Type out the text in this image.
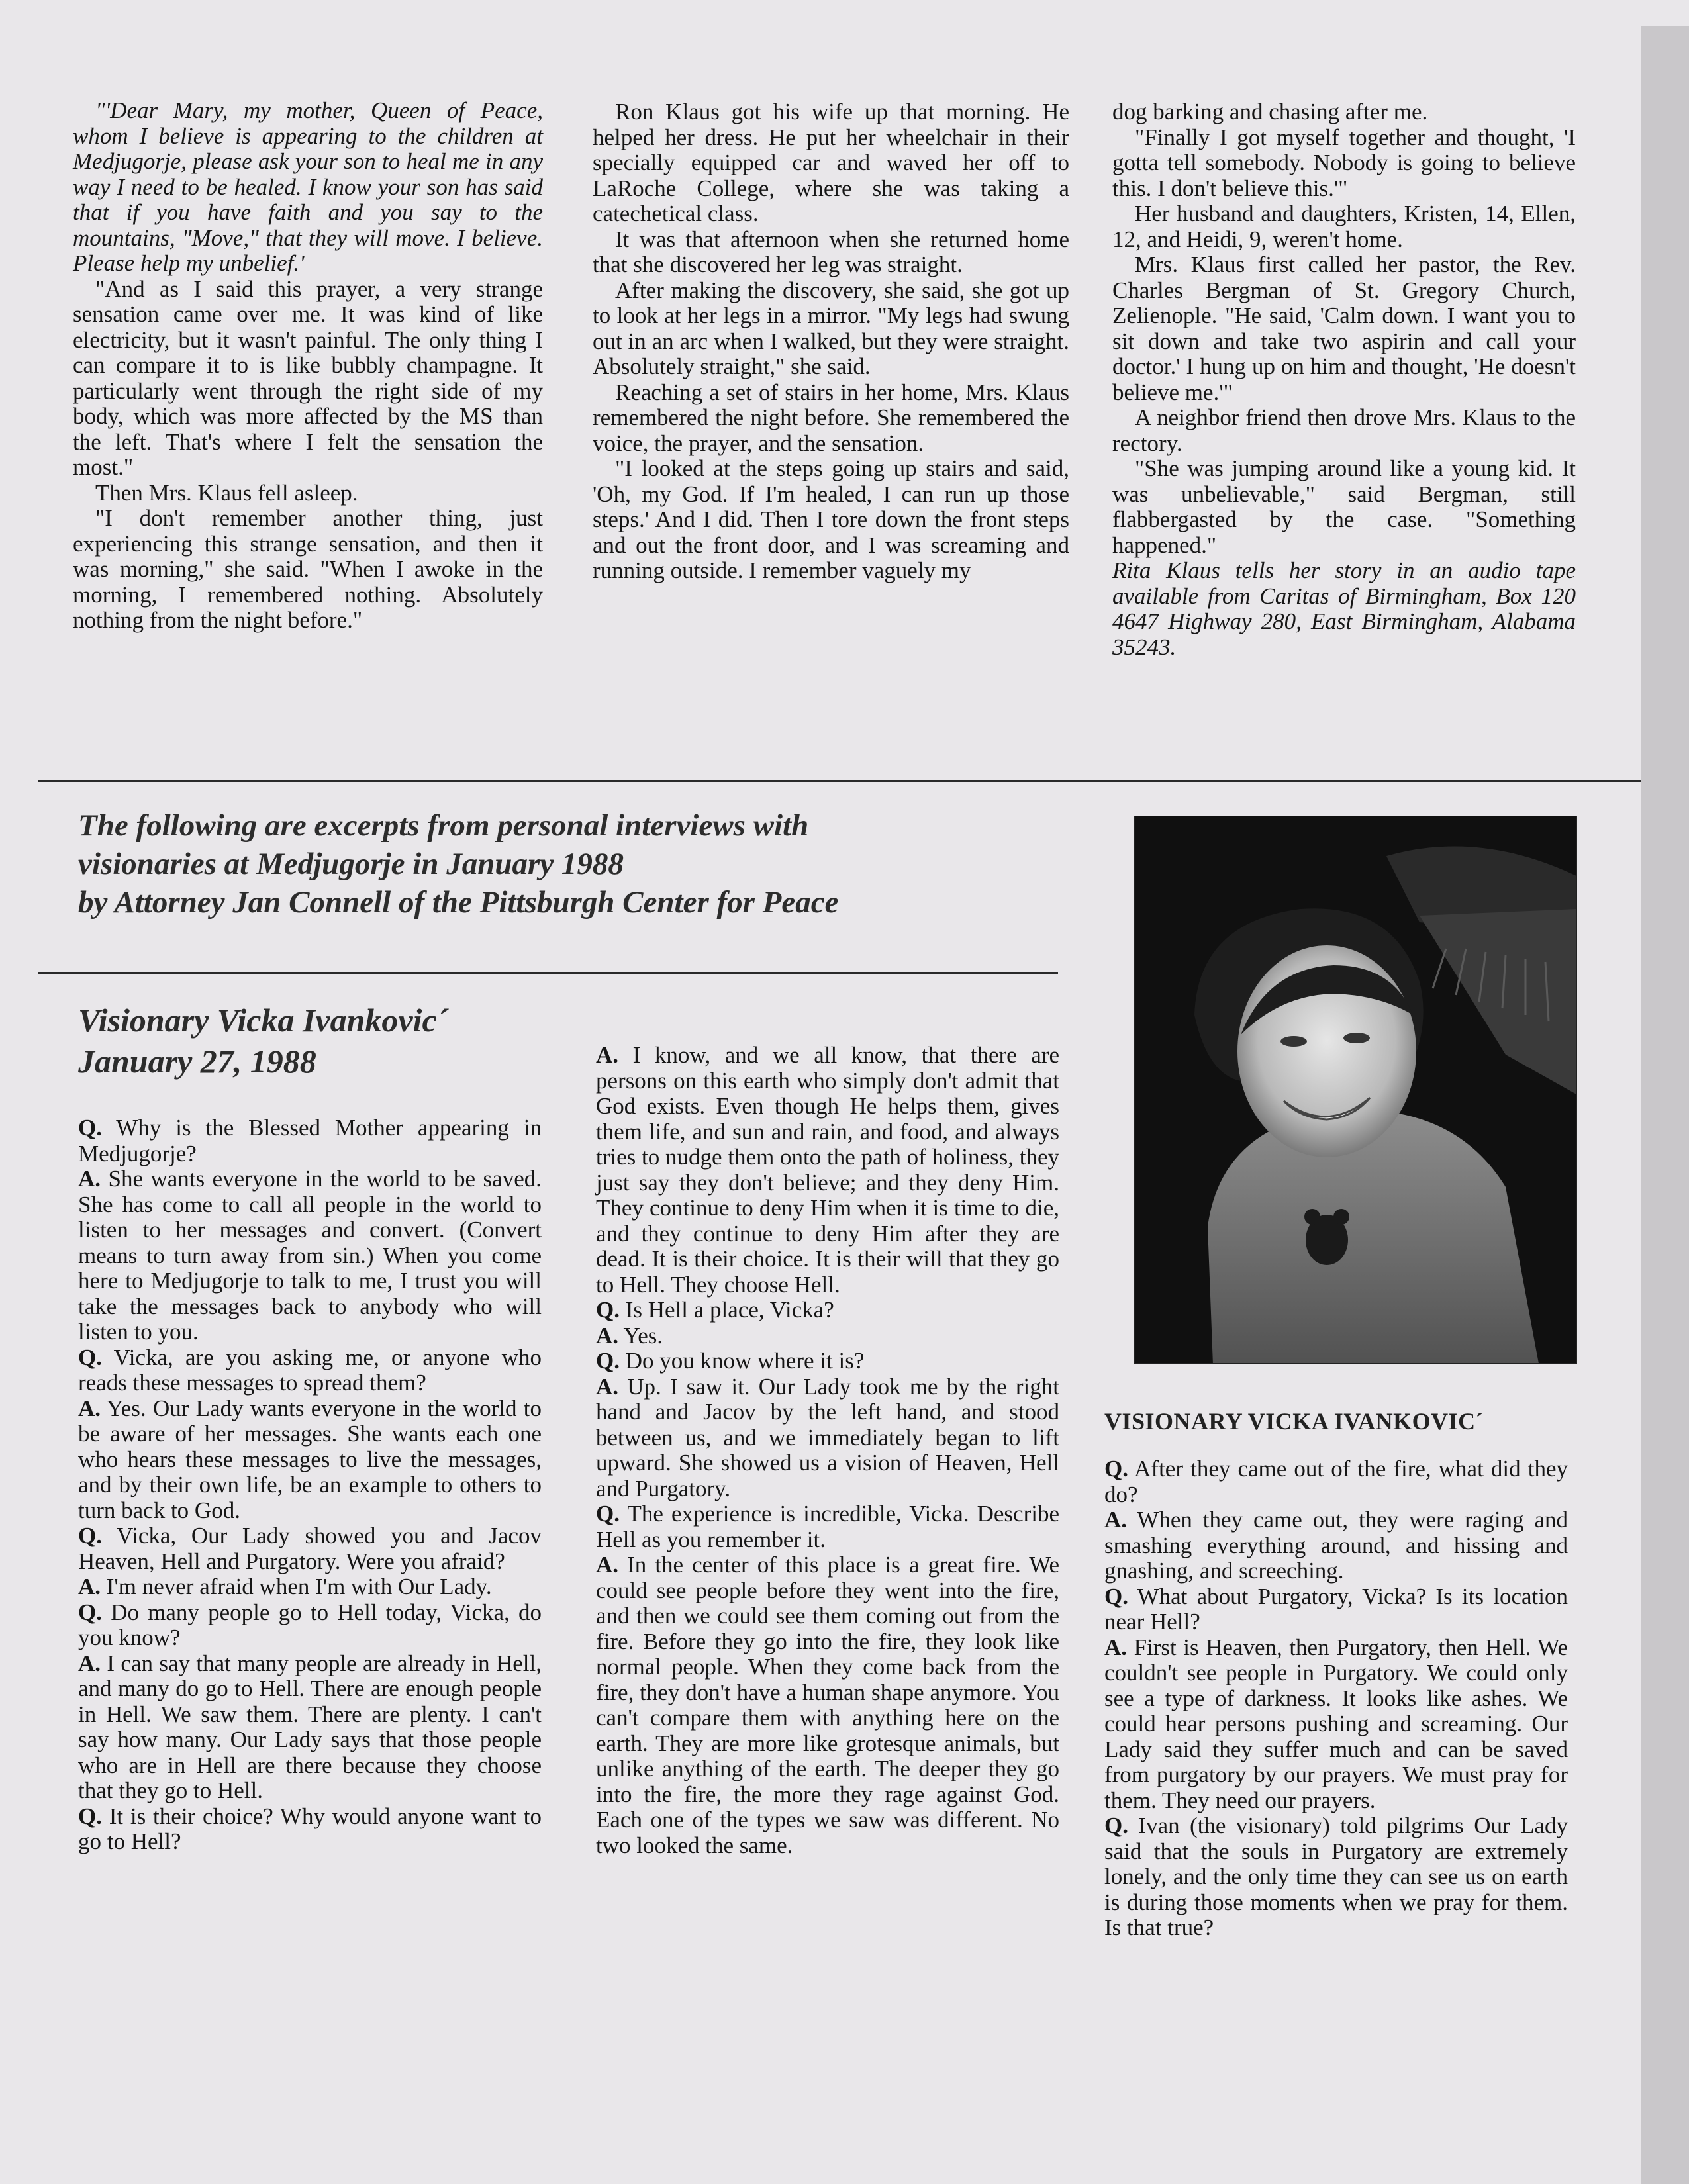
"'Dear Mary, my mother, Queen of Peace, whom I believe is appearing to the children at Medjugorje, please ask your son to heal me in any way I need to be healed. I know your son has said that if you have faith and you say to the mountains, "Move," that they will move. I believe. Please help my unbelief.'

"And as I said this prayer, a very strange sensation came over me. It was kind of like electricity, but it wasn't painful. The only thing I can compare it to is like bubbly champagne. It particularly went through the right side of my body, which was more affected by the MS than the left. That's where I felt the sensation the most."

Then Mrs. Klaus fell asleep.

"I don't remember another thing, just experiencing this strange sensation, and then it was morning," she said. "When I awoke in the morning, I remembered nothing. Absolutely nothing from the night before."

Ron Klaus got his wife up that morning. He helped her dress. He put her wheelchair in their specially equipped car and waved her off to LaRoche College, where she was taking a catechetical class.

It was that afternoon when she returned home that she discovered her leg was straight.

After making the discovery, she said, she got up to look at her legs in a mirror. "My legs had swung out in an arc when I walked, but they were straight. Absolutely straight," she said.

Reaching a set of stairs in her home, Mrs. Klaus remembered the night before. She remembered the voice, the prayer, and the sensation.

"I looked at the steps going up stairs and said, 'Oh, my God. If I'm healed, I can run up those steps.' And I did. Then I tore down the front steps and out the front door, and I was screaming and running outside. I remember vaguely my

dog barking and chasing after me.

"Finally I got myself together and thought, 'I gotta tell somebody. Nobody is going to believe this. I don't believe this.'"

Her husband and daughters, Kristen, 14, Ellen, 12, and Heidi, 9, weren't home.

Mrs. Klaus first called her pastor, the Rev. Charles Bergman of St. Gregory Church, Zelienople. "He said, 'Calm down. I want you to sit down and take two aspirin and call your doctor.' I hung up on him and thought, 'He doesn't believe me.'"

A neighbor friend then drove Mrs. Klaus to the rectory.

"She was jumping around like a young kid. It was unbelievable," said Bergman, still flabbergasted by the case. "Something happened."

Rita Klaus tells her story in an audio tape available from Caritas of Birmingham, Box 120 4647 Highway 280, East Birmingham, Alabama 35243.

The following are excerpts from personal interviews with
visionaries at Medjugorje in January 1988
by Attorney Jan Connell of the Pittsburgh Center for Peace
VISIONARY VICKA IVANKOVIC´
Visionary Vicka Ivankovic´
January 27, 1988

Q. Why is the Blessed Mother appearing in Medjugorje?

A. She wants everyone in the world to be saved. She has come to call all people in the world to listen to her messages and convert. (Convert means to turn away from sin.) When you come here to Medjugorje to talk to me, I trust you will take the messages back to anybody who will listen to you.

Q. Vicka, are you asking me, or anyone who reads these messages to spread them?

A. Yes. Our Lady wants everyone in the world to be aware of her messages. She wants each one who hears these messages to live the messages, and by their own life, be an example to others to turn back to God.

Q. Vicka, Our Lady showed you and Jacov Heaven, Hell and Purgatory. Were you afraid?

A. I'm never afraid when I'm with Our Lady.

Q. Do many people go to Hell today, Vicka, do you know?

A. I can say that many people are already in Hell, and many do go to Hell. There are enough people in Hell. We saw them. There are plenty. I can't say how many. Our Lady says that those people who are in Hell are there because they choose that they go to Hell.

Q. It is their choice? Why would anyone want to go to Hell?

A. I know, and we all know, that there are persons on this earth who simply don't admit that God exists. Even though He helps them, gives them life, and sun and rain, and food, and always tries to nudge them onto the path of holiness, they just say they don't believe; and they deny Him. They continue to deny Him when it is time to die, and they continue to deny Him after they are dead. It is their choice. It is their will that they go to Hell. They choose Hell.

Q. Is Hell a place, Vicka?

A. Yes.

Q. Do you know where it is?

A. Up. I saw it. Our Lady took me by the right hand and Jacov by the left hand, and stood between us, and we immediately began to lift upward. She showed us a vision of Heaven, Hell and Purgatory.

Q. The experience is incredible, Vicka. Describe Hell as you remember it.

A. In the center of this place is a great fire. We could see people before they went into the fire, and then we could see them coming out from the fire. Before they go into the fire, they look like normal people. When they come back from the fire, they don't have a human shape anymore. You can't compare them with anything here on the earth. They are more like grotesque animals, but unlike anything of the earth. The deeper they go into the fire, the more they rage against God. Each one of the types we saw was different. No two looked the same.

Q. After they came out of the fire, what did they do?

A. When they came out, they were raging and smashing everything around, and hissing and gnashing, and screeching.

Q. What about Purgatory, Vicka? Is its location near Hell?

A. First is Heaven, then Purgatory, then Hell. We couldn't see people in Purgatory. We could only see a type of darkness. It looks like ashes. We could hear persons pushing and screaming. Our Lady said they suffer much and can be saved from purgatory by our prayers. We must pray for them. They need our prayers.

Q. Ivan (the visionary) told pilgrims Our Lady said that the souls in Purgatory are extremely lonely, and the only time they can see us on earth is during those moments when we pray for them. Is that true?
